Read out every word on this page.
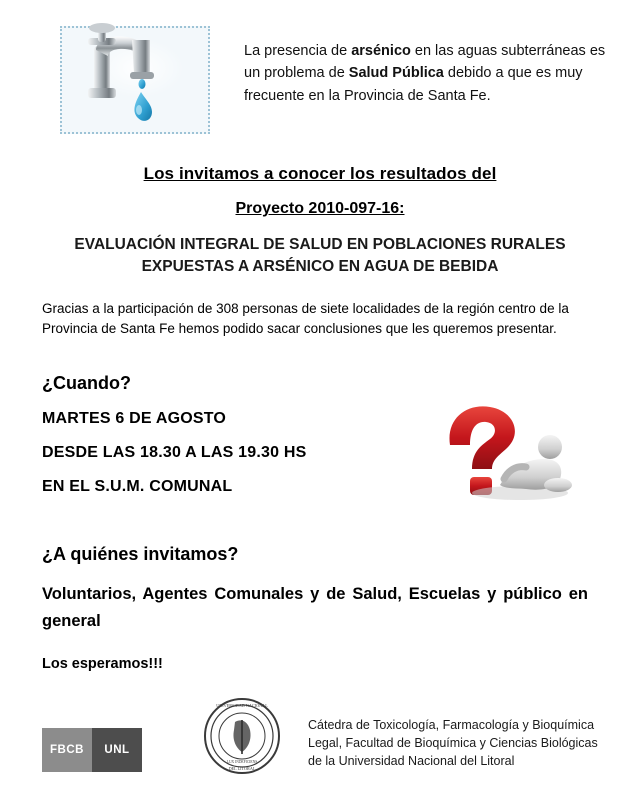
La presencia de arsénico en las aguas subterráneas es un problema de Salud Pública debido a que es muy frecuente en la Provincia de Santa Fe.
Los invitamos a conocer los resultados del
Proyecto 2010-097-16:
EVALUACIÓN INTEGRAL DE SALUD EN POBLACIONES RURALES EXPUESTAS A ARSÉNICO EN AGUA DE BEBIDA
Gracias a la participación de 308 personas de siete localidades de la región centro de la Provincia de Santa Fe hemos podido sacar conclusiones que les queremos presentar.
¿Cuando?
MARTES 6 DE AGOSTO
DESDE LAS 18.30 A LAS 19.30 HS
EN EL S.U.M. COMUNAL
¿A quiénes invitamos?
Voluntarios, Agentes Comunales y de Salud, Escuelas y público en general
Los esperamos!!!
FBCB	UNL
UNIVERSIDAD NACIONAL
DEL LITORAL
LUX INDEFICIENS
Cátedra de Toxicología, Farmacología y Bioquímica Legal, Facultad de Bioquímica y Ciencias Biológicas de la Universidad Nacional del Litoral
